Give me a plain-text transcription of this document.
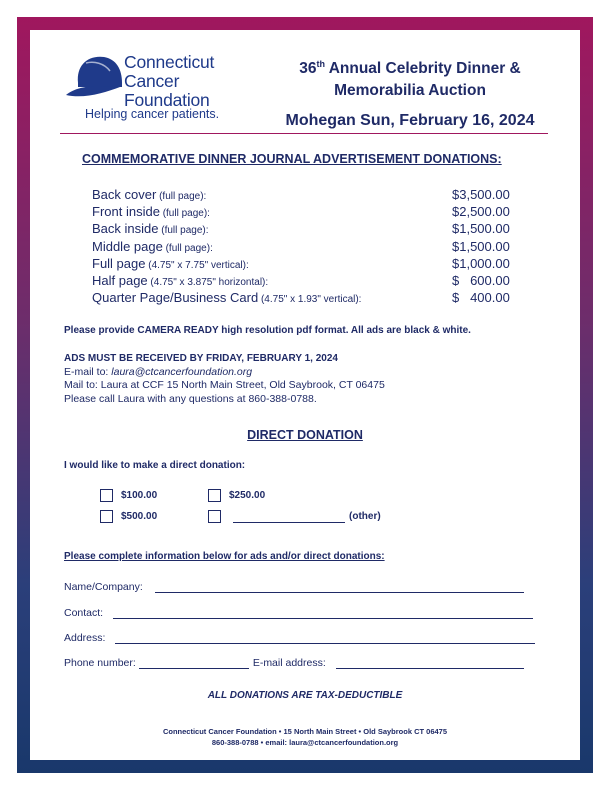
Connecticut
Cancer
Foundation
Helping cancer patients.
36th Annual Celebrity Dinner &
Memorabilia Auction
Mohegan Sun, February 16, 2024
COMMEMORATIVE DINNER JOURNAL ADVERTISEMENT DONATIONS:
Back cover (full page):	$3,500.00
Front inside (full page):	$2,500.00
Back inside (full page):	$1,500.00
Middle page (full page):	$1,500.00
Full page (4.75" x 7.75" vertical):	$1,000.00
Half page (4.75" x 3.875" horizontal):	$   600.00
Quarter Page/Business Card (4.75" x 1.93" vertical):	$   400.00
Please provide CAMERA READY high resolution pdf format. All ads are black & white.
ADS MUST BE RECEIVED BY FRIDAY, FEBRUARY 1, 2024
E-mail to: laura@ctcancerfoundation.org
Mail to: Laura at CCF 15 North Main Street, Old Saybrook, CT 06475
Please call Laura with any questions at 860-388-0788.
DIRECT DONATION
I would like to make a direct donation:
$100.00	$250.00
$500.00	(other)
Please complete information below for ads and/or direct donations:
Name/Company:
Contact:
Address:
Phone number:	E-mail address:
ALL DONATIONS ARE TAX-DEDUCTIBLE
Connecticut Cancer Foundation • 15 North Main Street • Old Saybrook CT 06475
860-388-0788 • email: laura@ctcancerfoundation.org
